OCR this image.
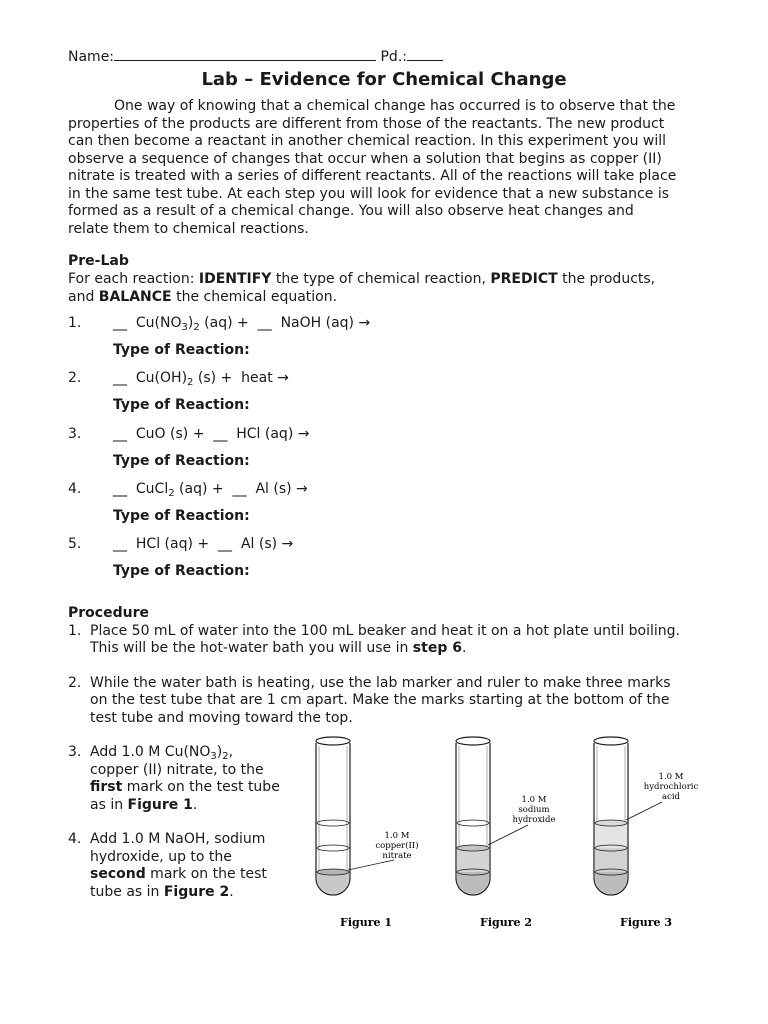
Name:	Pd.:
Lab – Evidence for Chemical Change
One way of knowing that a chemical change has occurred is to observe that the
properties of the products are different from those of the reactants. The new product
can then become a reactant in another chemical reaction. In this experiment you will
observe a sequence of changes that occur when a solution that begins as copper (II)
nitrate is treated with a series of different reactants. All of the reactions will take place
in the same test tube. At each step you will look for evidence that a new substance is
formed as a result of a chemical change. You will also observe heat changes and
relate them to chemical reactions.
Pre-Lab
For each reaction: IDENTIFY the type of chemical reaction, PREDICT the products,
and BALANCE the chemical equation.
1.	__ $Cu(NO_3)_2$ (aq) + __ NaOH (aq) →
Type of Reaction:
2.	__ $Cu(OH)_2$ (s) + heat →
Type of Reaction:
3.	__ CuO (s) + __ HCl (aq) →
Type of Reaction:
4.	__ CuCl$_2$ (aq) + __ Al (s) →
Type of Reaction:
5.	__ HCl (aq) + __ Al (s) →
Type of Reaction:
Procedure
1. Place 50 mL of water into the 100 mL beaker and heat it on a hot plate until boiling.
This will be the hot-water bath you will use in step 6.
2. While the water bath is heating, use the lab marker and ruler to make three marks
on the test tube that are 1 cm apart. Make the marks starting at the bottom of the
test tube and moving toward the top.
3. Add 1.0 M $Cu(NO_3)_2$,
copper (II) nitrate, to the
first mark on the test tube
as in Figure 1.
4. Add 1.0 M NaOH, sodium
hydroxide, up to the
second mark on the test
tube as in Figure 2.
1.0 M
copper(II)
nitrate
Figure 1
1.0 M
sodium
hydroxide
Figure 2
1.0 M
hydrochloric
acid
Figure 3
